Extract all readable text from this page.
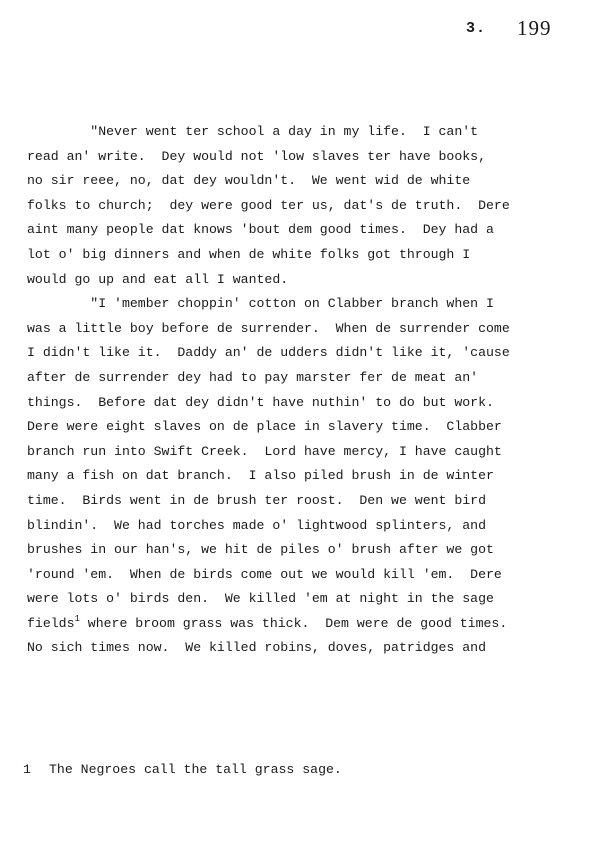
3. 199
"Never went ter school a day in my life.  I can't
read an' write.  Dey would not 'low slaves ter have books,
no sir reee, no, dat dey wouldn't.  We went wid de white
folks to church;  dey were good ter us, dat's de truth.  Dere
aint many people dat knows 'bout dem good times.  Dey had a
lot o' big dinners and when de white folks got through I
would go up and eat all I wanted.
"I 'member choppin' cotton on Clabber branch when I
was a little boy before de surrender.  When de surrender come
I didn't like it.  Daddy an' de udders didn't like it, 'cause
after de surrender dey had to pay marster fer de meat an'
things.  Before dat dey didn't have nuthin' to do but work.
Dere were eight slaves on de place in slavery time.  Clabber
branch run into Swift Creek.  Lord have mercy, I have caught
many a fish on dat branch.  I also piled brush in de winter
time.  Birds went in de brush ter roost.  Den we went bird
blindin'.  We had torches made o' lightwood splinters, and
brushes in our han's, we hit de piles o' brush after we got
'round 'em.  When de birds come out we would kill 'em.  Dere
were lots o' birds den.  We killed 'em at night in the sage
fields$^1$ where broom grass was thick.  Dem were de good times.
No sich times now.  We killed robins, doves, patridges and
1 The Negroes call the tall grass sage.
